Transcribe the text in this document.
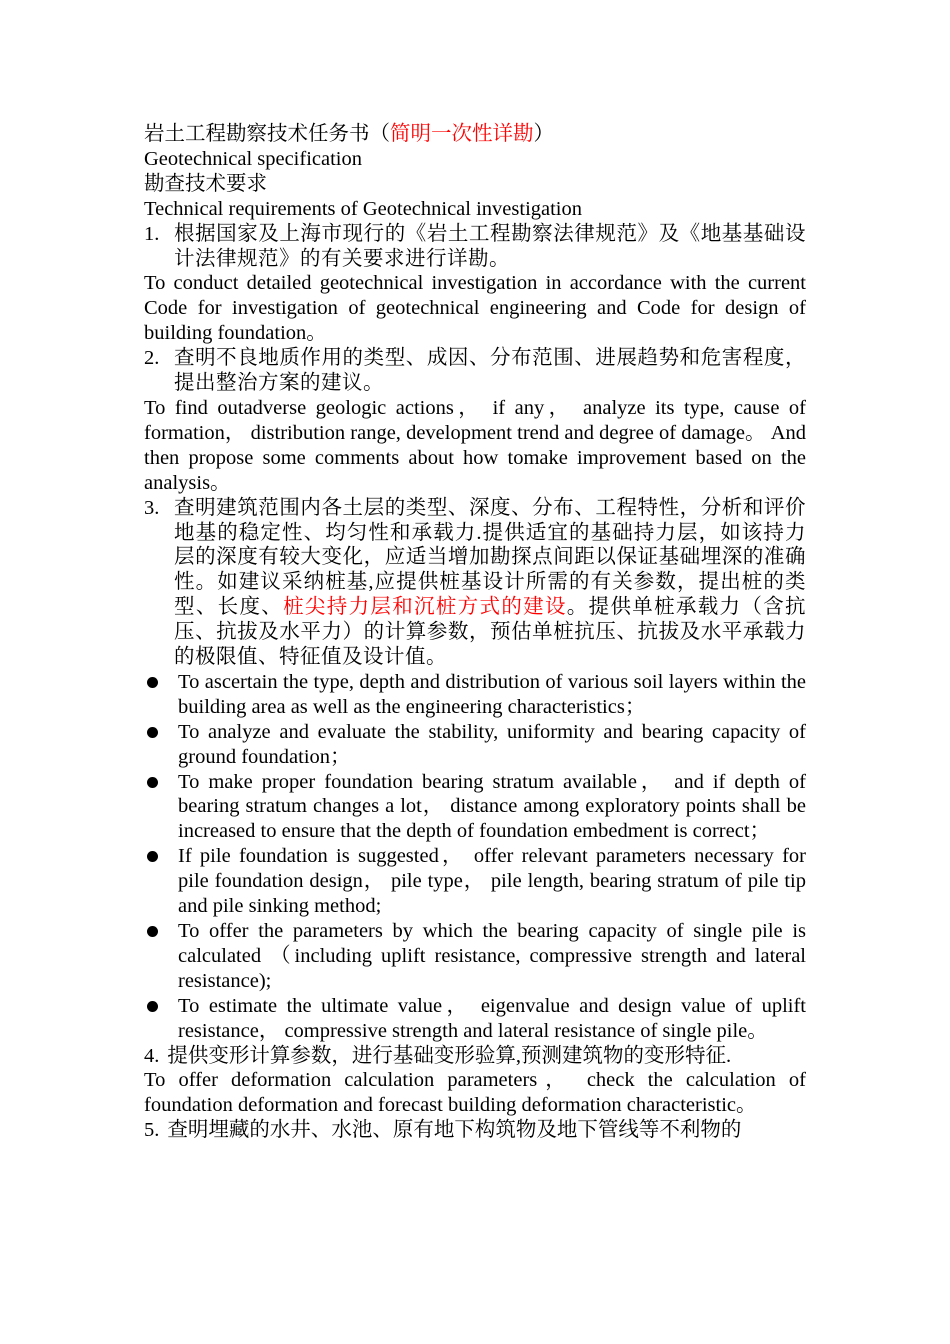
岩土工程勘察技术任务书（简明一次性详勘）
Geotechnical specification
勘查技术要求
Technical requirements of Geotechnical investigation
1. 根据国家及上海市现行的《岩土工程勘察法律规范》及《地基基础设计法律规范》的有关要求进行详勘。
To conduct detailed geotechnical investigation in accordance with the current Code for investigation of geotechnical engineering and Code for design of building foundation。
2. 查明不良地质作用的类型、成因、分布范围、进展趋势和危害程度，提出整治方案的建议。
To find outadverse geologic actions， if any， analyze its type, cause of formation， distribution range, development trend and degree of damage。 And then propose some comments about how tomake improvement based on the analysis。
3. 查明建筑范围内各土层的类型、深度、分布、工程特性，分析和评价地基的稳定性、均匀性和承载力.提供适宜的基础持力层，如该持力层的深度有较大变化，应适当增加勘探点间距以保证基础埋深的准确性。如建议采纳桩基,应提供桩基设计所需的有关参数，提出桩的类型、长度、桩尖持力层和沉桩方式的建设。提供单桩承载力（含抗压、抗拔及水平力）的计算参数，预估单桩抗压、抗拔及水平承载力的极限值、特征值及设计值。
To ascertain the type, depth and distribution of various soil layers within the building area as well as the engineering characteristics；
To analyze and evaluate the stability, uniformity and bearing capacity of ground foundation；
To make proper foundation bearing stratum available， and if depth of bearing stratum changes a lot， distance among exploratory points shall be increased to ensure that the depth of foundation embedment is correct；
If pile foundation is suggested， offer relevant parameters necessary for pile foundation design， pile type， pile length, bearing stratum of pile tip and pile sinking method;
To offer the parameters by which the bearing capacity of single pile is calculated （including uplift resistance, compressive strength and lateral resistance);
To estimate the ultimate value， eigenvalue and design value of uplift resistance， compressive strength and lateral resistance of single pile。
4. 提供变形计算参数，进行基础变形验算,预测建筑物的变形特征.
To offer deformation calculation parameters， check the calculation of foundation deformation and forecast building deformation characteristic。
5. 查明埋藏的水井、水池、原有地下构筑物及地下管线等不利物的
